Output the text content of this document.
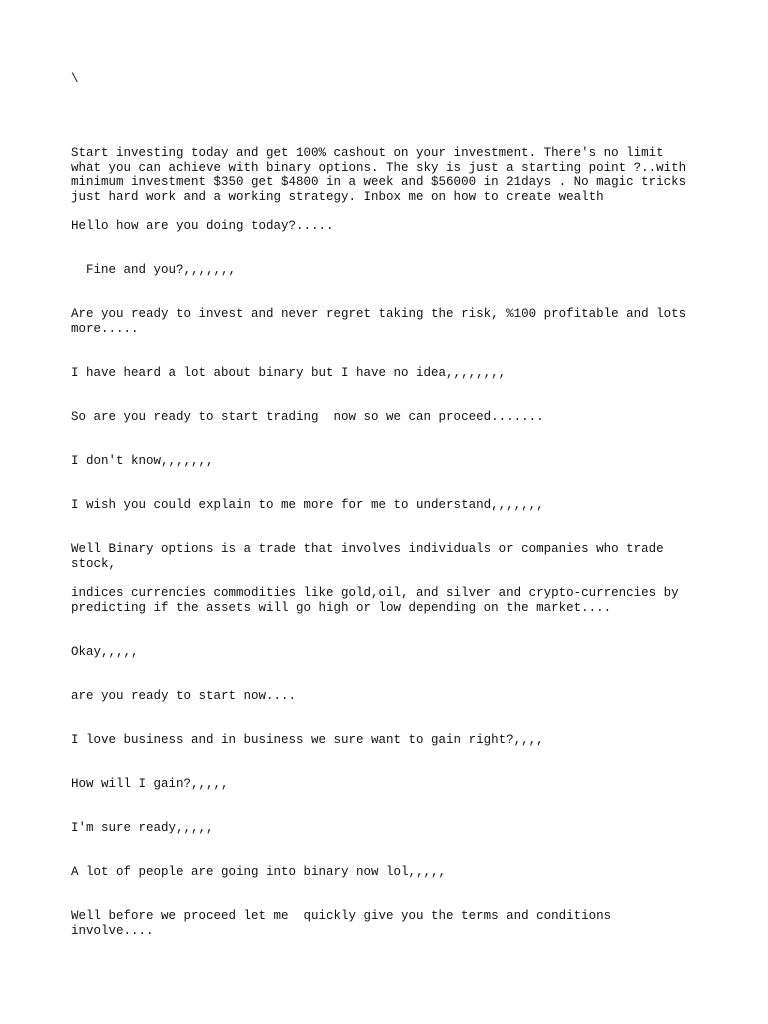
\

Start investing today and get 100% cashout on your investment. There's no limit what you can achieve with binary options. The sky is just a starting point ?..with minimum investment $350 get $4800 in a week and $56000 in 21days . No magic tricks just hard work and a working strategy. Inbox me on how to create wealth

Hello how are you doing today?.....

Fine and you?,,,,,,,

Are you ready to invest and never regret taking the risk, %100 profitable and lots more.....

I have heard a lot about binary but I have no idea,,,,,,,,

So are you ready to start trading  now so we can proceed.......

I don't know,,,,,,,

I wish you could explain to me more for me to understand,,,,,,,

Well Binary options is a trade that involves individuals or companies who trade stock,

indices currencies commodities like gold,oil, and silver and crypto-currencies by predicting if the assets will go high or low depending on the market....

Okay,,,,,

are you ready to start now....

I love business and in business we sure want to gain right?,,,,

How will I gain?,,,,,

I'm sure ready,,,,,

A lot of people are going into binary now lol,,,,,

Well before we proceed let me  quickly give you the terms and conditions involve....
